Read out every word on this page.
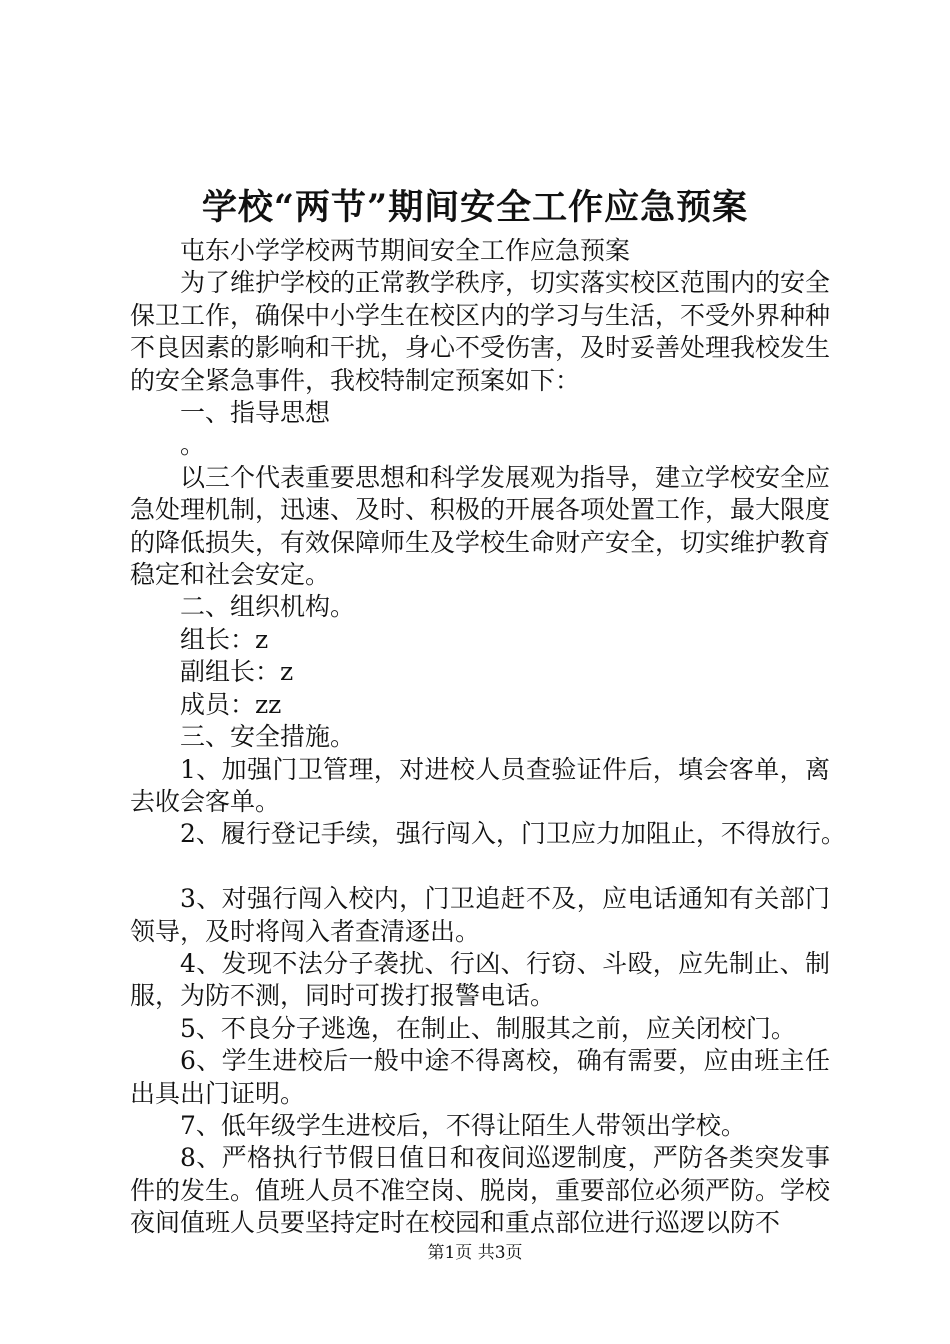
学校“两节”期间安全工作应急预案

屯东小学学校两节期间安全工作应急预案

为了维护学校的正常教学秩序，切实落实校区范围内的安全保卫工作，确保中小学生在校区内的学习与生活，不受外界种种不良因素的影响和干扰，身心不受伤害，及时妥善处理我校发生的安全紧急事件，我校特制定预案如下：

一、指导思想

。

以三个代表重要思想和科学发展观为指导，建立学校安全应急处理机制，迅速、及时、积极的开展各项处置工作，最大限度的降低损失，有效保障师生及学校生命财产安全，切实维护教育稳定和社会安定。

二、组织机构。

组长：z

副组长：z

成员：zz

三、安全措施。

1、加强门卫管理，对进校人员查验证件后，填会客单，离去收会客单。

2、履行登记手续，强行闯入，门卫应力加阻止，不得放行。

3、对强行闯入校内，门卫追赶不及，应电话通知有关部门领导，及时将闯入者查清逐出。

4、发现不法分子袭扰、行凶、行窃、斗殴，应先制止、制服，为防不测，同时可拨打报警电话。

5、不良分子逃逸，在制止、制服其之前，应关闭校门。

6、学生进校后一般中途不得离校，确有需要，应由班主任出具出门证明。

7、低年级学生进校后，不得让陌生人带领出学校。

8、严格执行节假日值日和夜间巡逻制度，严防各类突发事件的发生。值班人员不准空岗、脱岗，重要部位必须严防。学校夜间值班人员要坚持定时在校园和重点部位进行巡逻以防不

第1页 共3页
